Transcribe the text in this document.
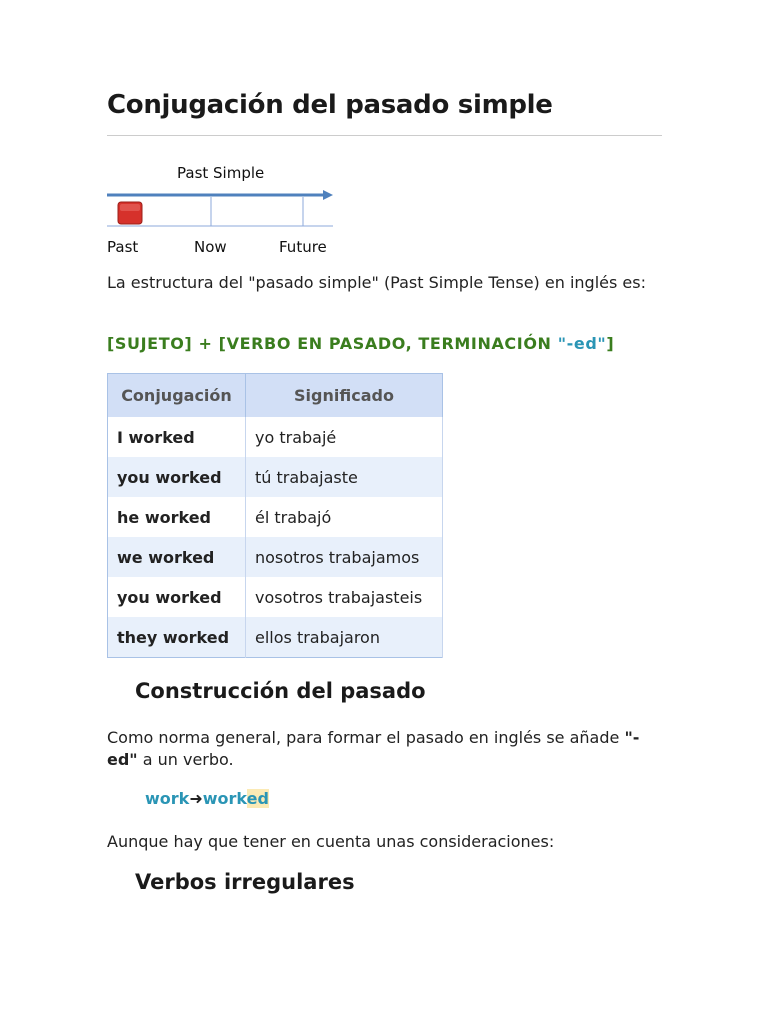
Conjugación del pasado simple
Past Simple
Past	Now	Future

La estructura del "pasado simple" (Past Simple Tense) en inglés es:

[SUJETO] + [VERBO EN PASADO, TERMINACIÓN "-ed"]

Conjugación	Significado
I worked	yo trabajé
you worked	tú trabajaste
he worked	él trabajó
we worked	nosotros trabajamos
you worked	vosotros trabajasteis
they worked	ellos trabajaron
Construcción del pasado

Como norma general, para formar el pasado en inglés se añade "-ed" a un verbo.

work➜worked

Aunque hay que tener en cuenta unas consideraciones:

Verbos irregulares
